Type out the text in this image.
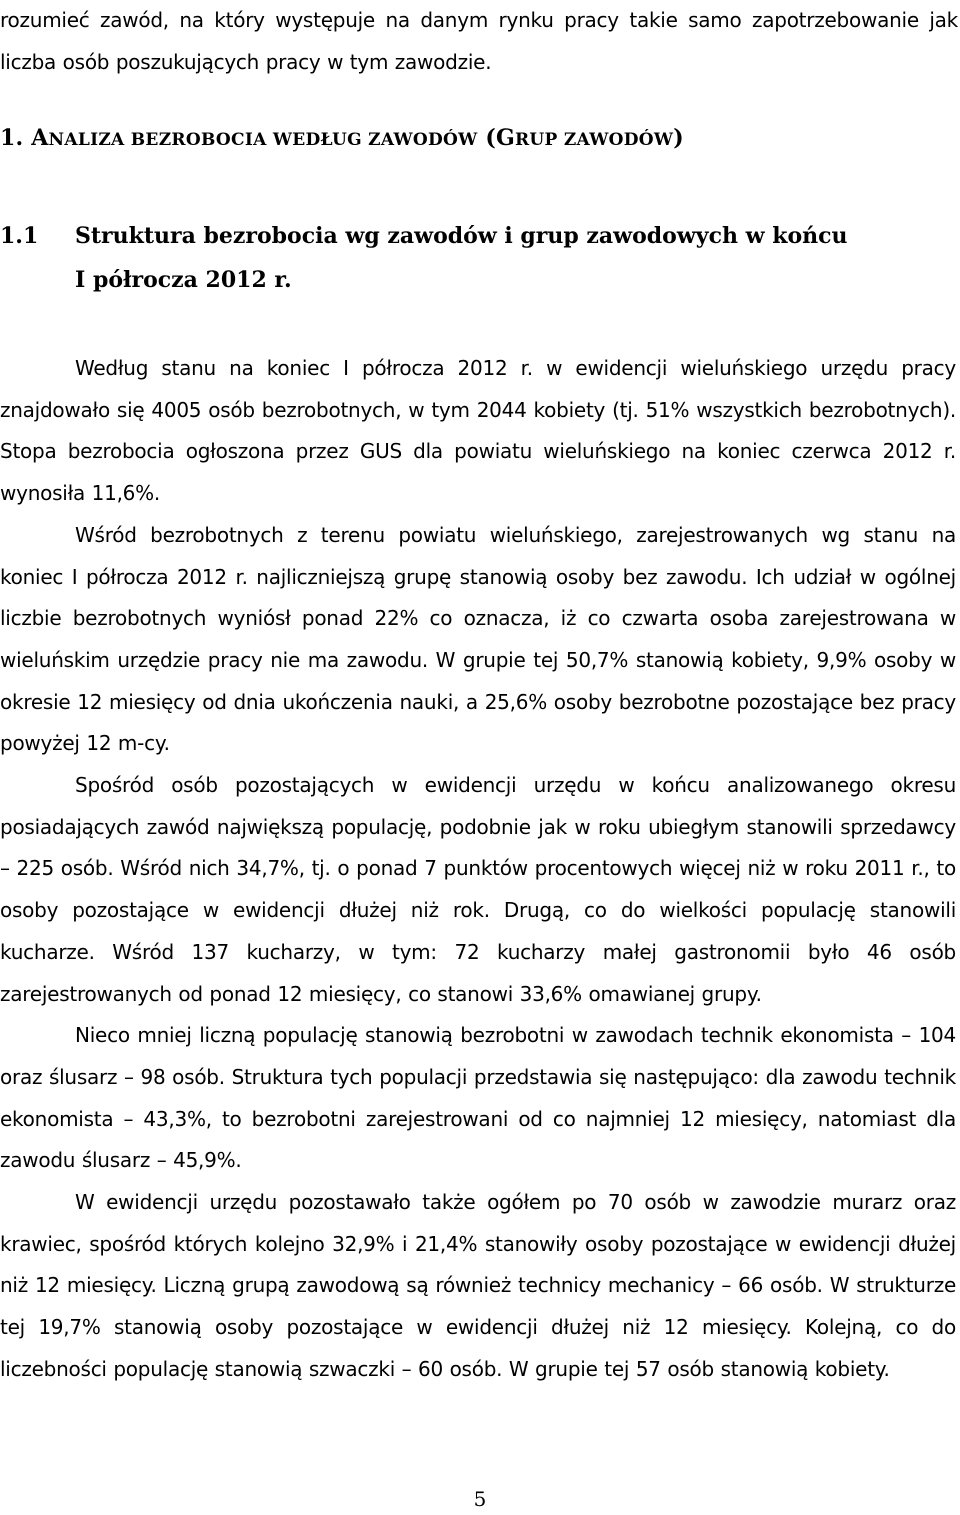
rozumieć zawód, na który występuje na danym rynku pracy takie samo zapotrzebowanie jak liczba osób poszukujących pracy w tym zawodzie.

1. ANALIZA BEZROBOCIA WEDŁUG ZAWODÓW (GRUP ZAWODÓW)
1.1 Struktura bezrobocia wg zawodów i grup zawodowych w końcu
I półrocza 2012 r.

Według stanu na koniec I półrocza 2012 r. w ewidencji wieluńskiego urzędu pracy znajdowało się 4005 osób bezrobotnych, w tym 2044 kobiety (tj. 51% wszystkich bezrobotnych). Stopa bezrobocia ogłoszona przez GUS dla powiatu wieluńskiego na koniec czerwca 2012 r. wynosiła 11,6%.

Wśród bezrobotnych z terenu powiatu wieluńskiego, zarejestrowanych wg stanu na koniec I półrocza 2012 r. najliczniejszą grupę stanowią osoby bez zawodu. Ich udział w ogólnej liczbie bezrobotnych wyniósł ponad 22% co oznacza, iż co czwarta osoba zarejestrowana w wieluńskim urzędzie pracy nie ma zawodu. W grupie tej 50,7% stanowią kobiety, 9,9% osoby w okresie 12 miesięcy od dnia ukończenia nauki, a 25,6% osoby bezrobotne pozostające bez pracy powyżej 12 m-cy.

Spośród osób pozostających w ewidencji urzędu w końcu analizowanego okresu posiadających zawód największą populację, podobnie jak w roku ubiegłym stanowili sprzedawcy – 225 osób. Wśród nich 34,7%, tj. o ponad 7 punktów procentowych więcej niż w roku 2011 r., to osoby pozostające w ewidencji dłużej niż rok. Drugą, co do wielkości populację stanowili kucharze. Wśród 137 kucharzy, w tym: 72 kucharzy małej gastronomii było 46 osób zarejestrowanych od ponad 12 miesięcy, co stanowi 33,6% omawianej grupy.

Nieco mniej liczną populację stanowią bezrobotni w zawodach technik ekonomista – 104 oraz ślusarz – 98 osób. Struktura tych populacji przedstawia się następująco: dla zawodu technik ekonomista – 43,3%, to bezrobotni zarejestrowani od co najmniej 12 miesięcy, natomiast dla zawodu ślusarz – 45,9%.

W ewidencji urzędu pozostawało także ogółem po 70 osób w zawodzie murarz oraz krawiec, spośród których kolejno 32,9% i 21,4% stanowiły osoby pozostające w ewidencji dłużej niż 12 miesięcy. Liczną grupą zawodową są również technicy mechanicy – 66 osób. W strukturze tej 19,7% stanowią osoby pozostające w ewidencji dłużej niż 12 miesięcy. Kolejną, co do liczebności populację stanowią szwaczki – 60 osób. W grupie tej 57 osób stanowią kobiety.

5
